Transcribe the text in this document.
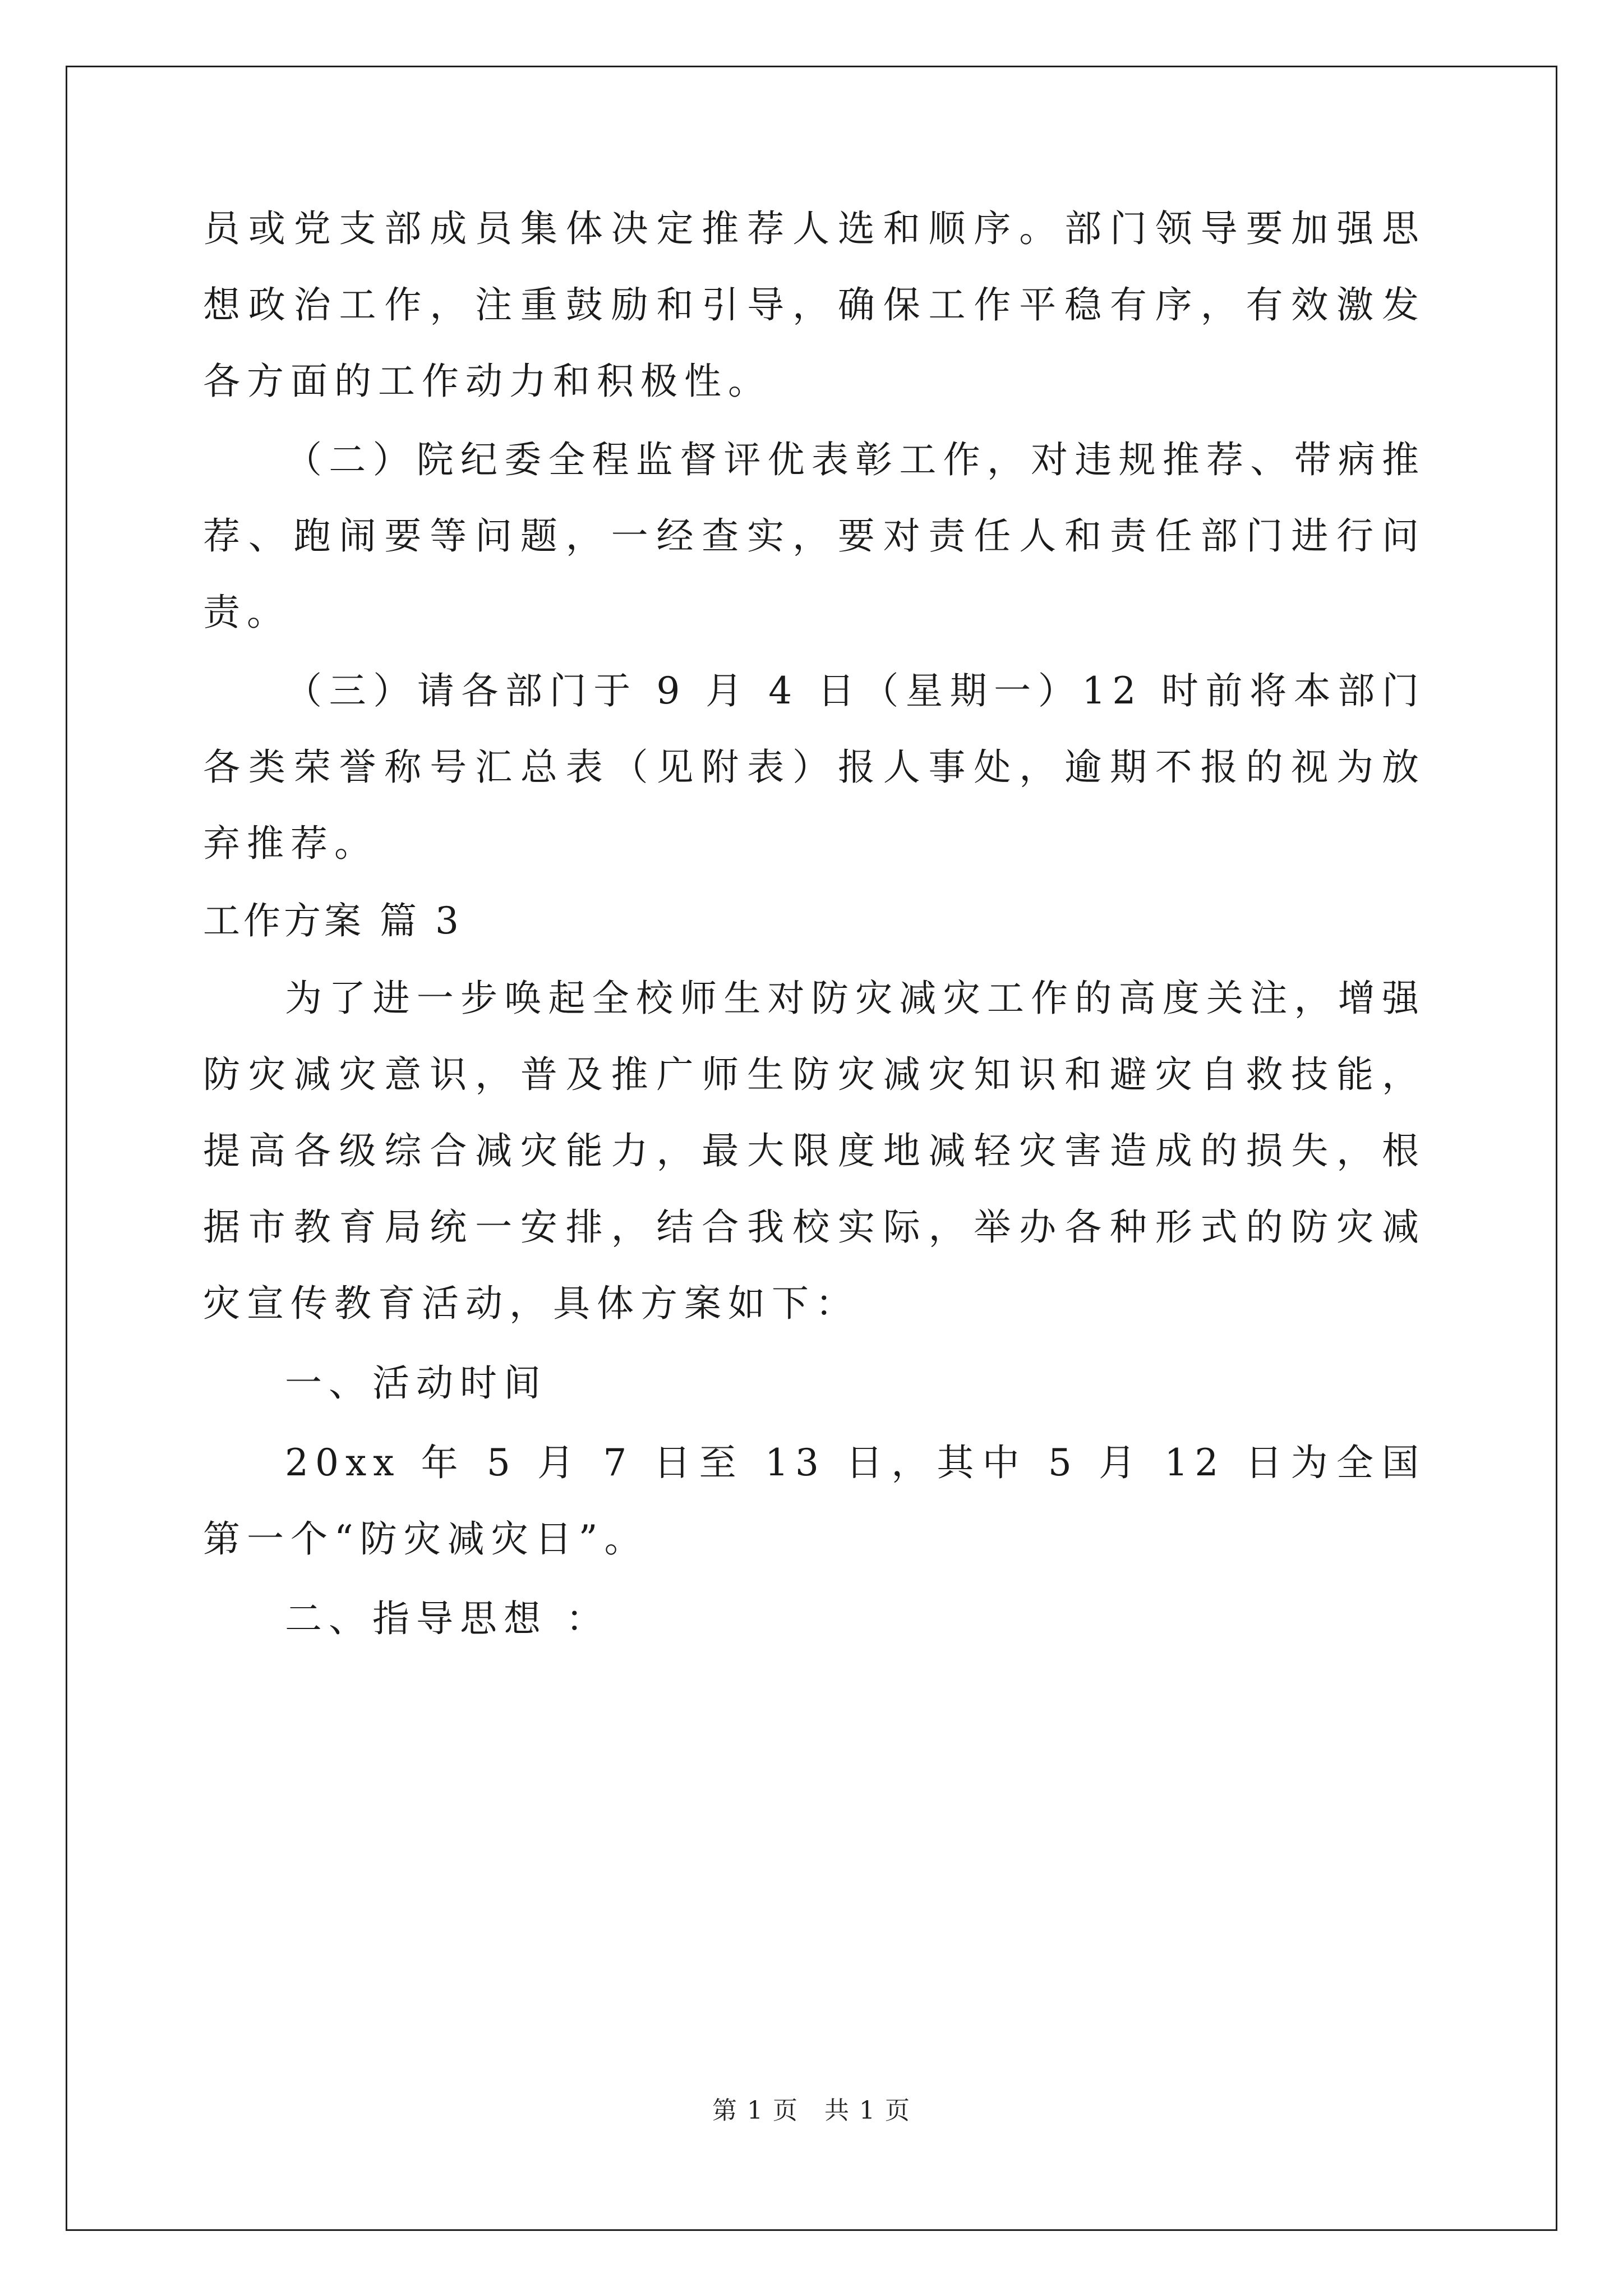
员或党支部成员集体决定推荐人选和顺序。部门领导要加强思想政治工作，注重鼓励和引导，确保工作平稳有序，有效激发各方面的工作动力和积极性。

（二）院纪委全程监督评优表彰工作，对违规推荐、带病推荐、跑闹要等问题，一经查实，要对责任人和责任部门进行问责。

（三）请各部门于 9 月 4 日（星期一）12 时前将本部门各类荣誉称号汇总表（见附表）报人事处，逾期不报的视为放弃推荐。

工作方案 篇 3

为了进一步唤起全校师生对防灾减灾工作的高度关注，增强防灾减灾意识，普及推广师生防灾减灾知识和避灾自救技能，提高各级综合减灾能力，最大限度地减轻灾害造成的损失，根据市教育局统一安排，结合我校实际，举办各种形式的防灾减灾宣传教育活动，具体方案如下：

一、活动时间

20xx 年 5 月 7 日至 13 日，其中 5 月 12 日为全国第一个“防灾减灾日”。

二、指导思想 ：

第 1 页　共 1 页
